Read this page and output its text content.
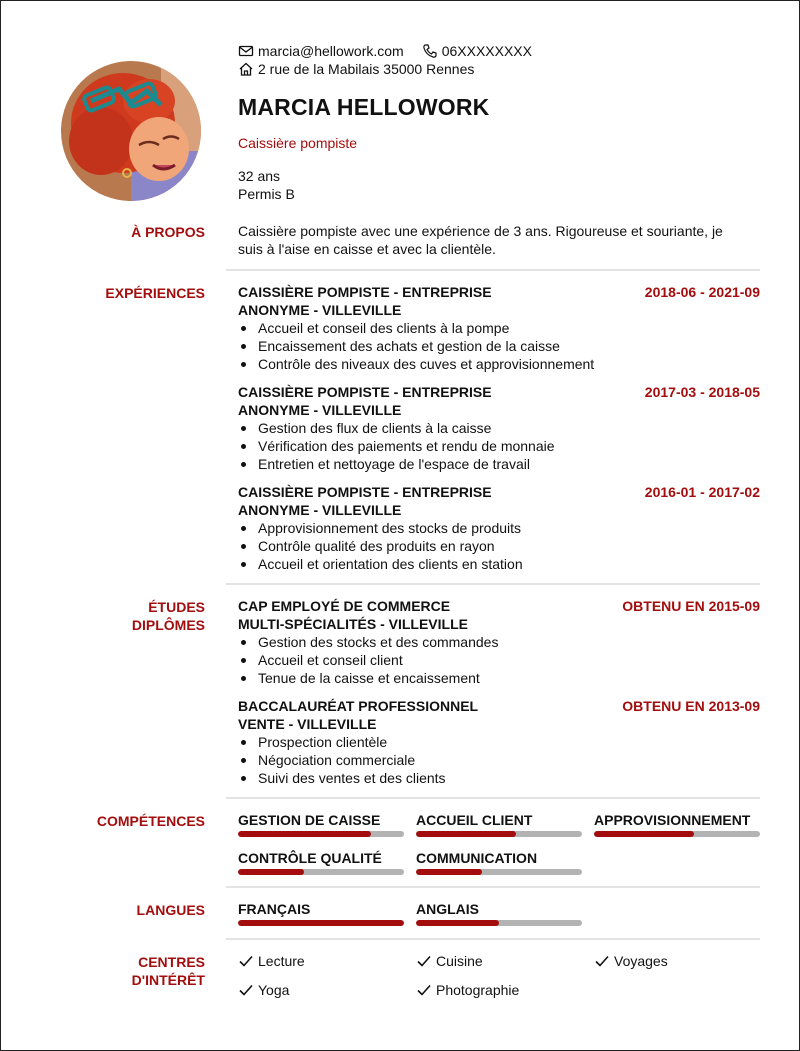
marcia@hellowork.com	06XXXXXXXX
2 rue de la Mabilais 35000 Rennes
MARCIA HELLOWORK
Caissière pompiste
32 ans
Permis B
À PROPOS Caissière pompiste avec une expérience de 3 ans. Rigoureuse et souriante, je
suis à l'aise en caisse et avec la clientèle.
EXPÉRIENCES CAISSIÈRE POMPISTE - ENTREPRISE
ANONYME - VILLEVILLE
2018-06 - 2021-09
Accueil et conseil des clients à la pompe
Encaissement des achats et gestion de la caisse
Contrôle des niveaux des cuves et approvisionnement
CAISSIÈRE POMPISTE - ENTREPRISE
ANONYME - VILLEVILLE
2017-03 - 2018-05
Gestion des flux de clients à la caisse
Vérification des paiements et rendu de monnaie
Entretien et nettoyage de l'espace de travail
CAISSIÈRE POMPISTE - ENTREPRISE
ANONYME - VILLEVILLE
2016-01 - 2017-02
Approvisionnement des stocks de produits
Contrôle qualité des produits en rayon
Accueil et orientation des clients en station
ÉTUDES
DIPLÔMES
CAP EMPLOYÉ DE COMMERCE
MULTI-SPÉCIALITÉS - VILLEVILLE
OBTENU EN 2015-09
Gestion des stocks et des commandes
Accueil et conseil client
Tenue de la caisse et encaissement
BACCALAURÉAT PROFESSIONNEL
VENTE - VILLEVILLE
OBTENU EN 2013-09
Prospection clientèle
Négociation commerciale
Suivi des ventes et des clients
COMPÉTENCES GESTION DE CAISSE	ACCUEIL CLIENT	APPROVISIONNEMENT
CONTRÔLE QUALITÉ	COMMUNICATION
LANGUES FRANÇAIS	ANGLAIS
CENTRES
D'INTÉRÊT
Lecture	Cuisine	Voyages
Yoga	Photographie
